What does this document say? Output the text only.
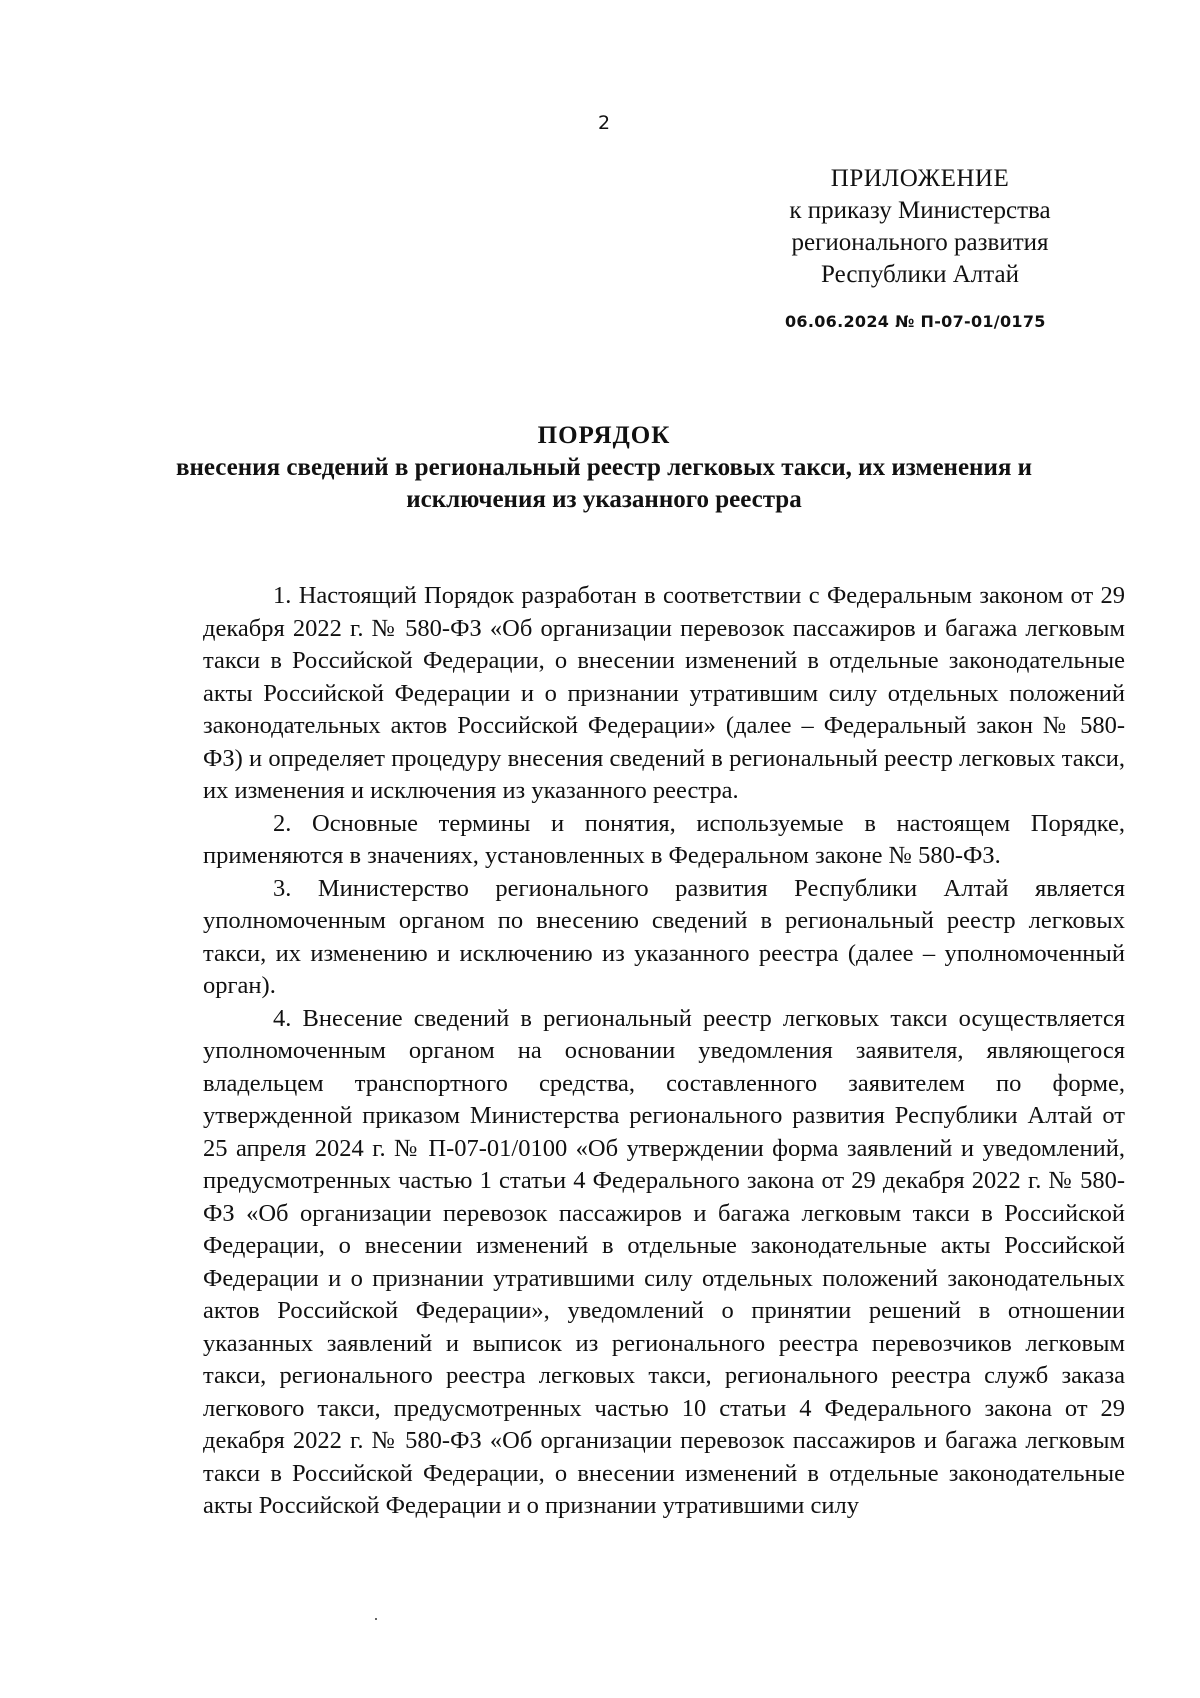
2
ПРИЛОЖЕНИЕ
к приказу Министерства
регионального развития
Республики Алтай
06.06.2024 № П-07-01/0175
ПОРЯДОК
внесения сведений в региональный реестр легковых такси, их изменения и
исключения из указанного реестра

1. Настоящий Порядок разработан в соответствии с Федеральным законом от 29 декабря 2022 г. № 580-ФЗ «Об организации перевозок пассажиров и багажа легковым такси в Российской Федерации, о внесении изменений в отдельные законодательные акты Российской Федерации и о признании утратившим силу отдельных положений законодательных актов Российской Федерации» (далее – Федеральный закон № 580-ФЗ) и определяет процедуру внесения сведений в региональный реестр легковых такси, их изменения и исключения из указанного реестра.

2. Основные термины и понятия, используемые в настоящем Порядке, применяются в значениях, установленных в Федеральном законе № 580-ФЗ.

3. Министерство регионального развития Республики Алтай является уполномоченным органом по внесению сведений в региональный реестр легковых такси, их изменению и исключению из указанного реестра (далее – уполномоченный орган).

4. Внесение сведений в региональный реестр легковых такси осуществляется уполномоченным органом на основании уведомления заявителя, являющегося владельцем транспортного средства, составленного заявителем по форме, утвержденной приказом Министерства регионального развития Республики Алтай от 25 апреля 2024 г. № П-07-01/0100 «Об утверждении форма заявлений и уведомлений, предусмотренных частью 1 статьи 4 Федерального закона от 29 декабря 2022 г. № 580-ФЗ «Об организации перевозок пассажиров и багажа легковым такси в Российской Федерации, о внесении изменений в отдельные законодательные акты Российской Федерации и о признании утратившими силу отдельных положений законодательных актов Российской Федерации», уведомлений о принятии решений в отношении указанных заявлений и выписок из регионального реестра перевозчиков легковым такси, регионального реестра легковых такси, регионального реестра служб заказа легкового такси, предусмотренных частью 10 статьи 4 Федерального закона от 29 декабря 2022 г. № 580-ФЗ «Об организации перевозок пассажиров и багажа легковым такси в Российской Федерации, о внесении изменений в отдельные законодательные акты Российской Федерации и о признании утратившими силу
